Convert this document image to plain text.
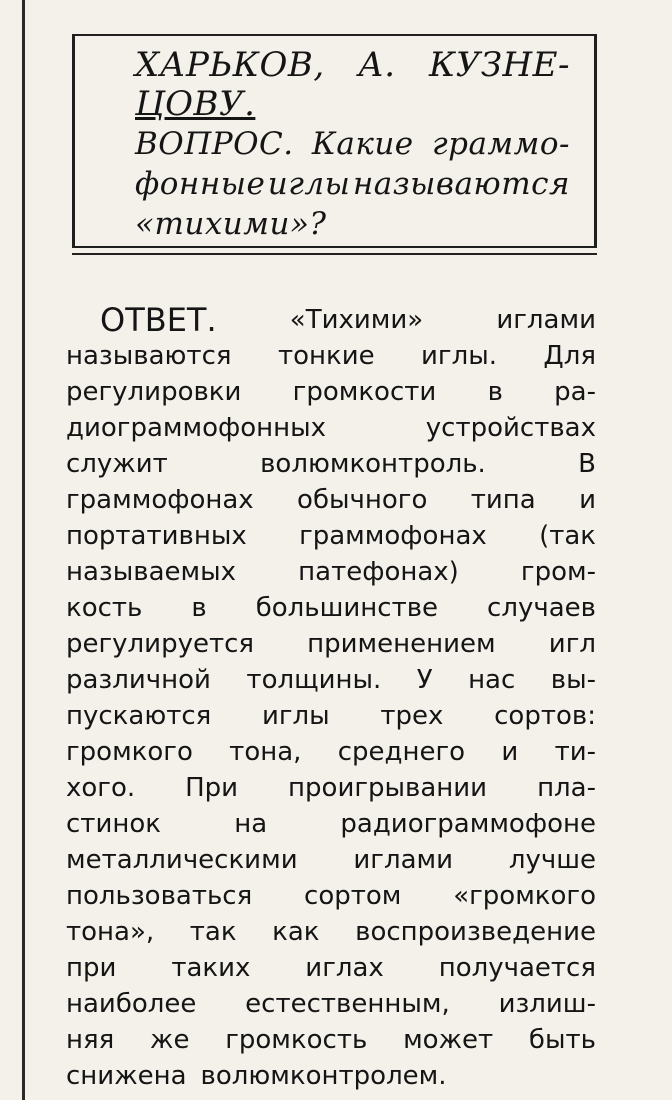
ХАРЬКОВ, А. КУЗНЕ-
ЦОВУ.
ВОПРОС. Какие граммо-
фонные иглы называются
«тихими»?
ОТВЕТ.	«Тихими»	иглами
называются тонкие иглы. Для
регулировки громкости в ра-
диограммофонных	устройствах
служит	волюмконтроль.	В
граммофонах обычного типа и
портативных граммофонах (так
называемых патефонах) гром-
кость в большинстве случаев
регулируется применением игл
различной толщины. У нас вы-
пускаются иглы трех сортов:
громкого тона, среднего и ти-
хого. При проигрывании пла-
стинок	на	радиограммофоне
металлическими иглами лучше
пользоваться сортом «громкого
тона», так как воспроизведение
при таких иглах получается
наиболее естественным, излиш-
няя же громкость может быть
снижена волюмконтролем.
